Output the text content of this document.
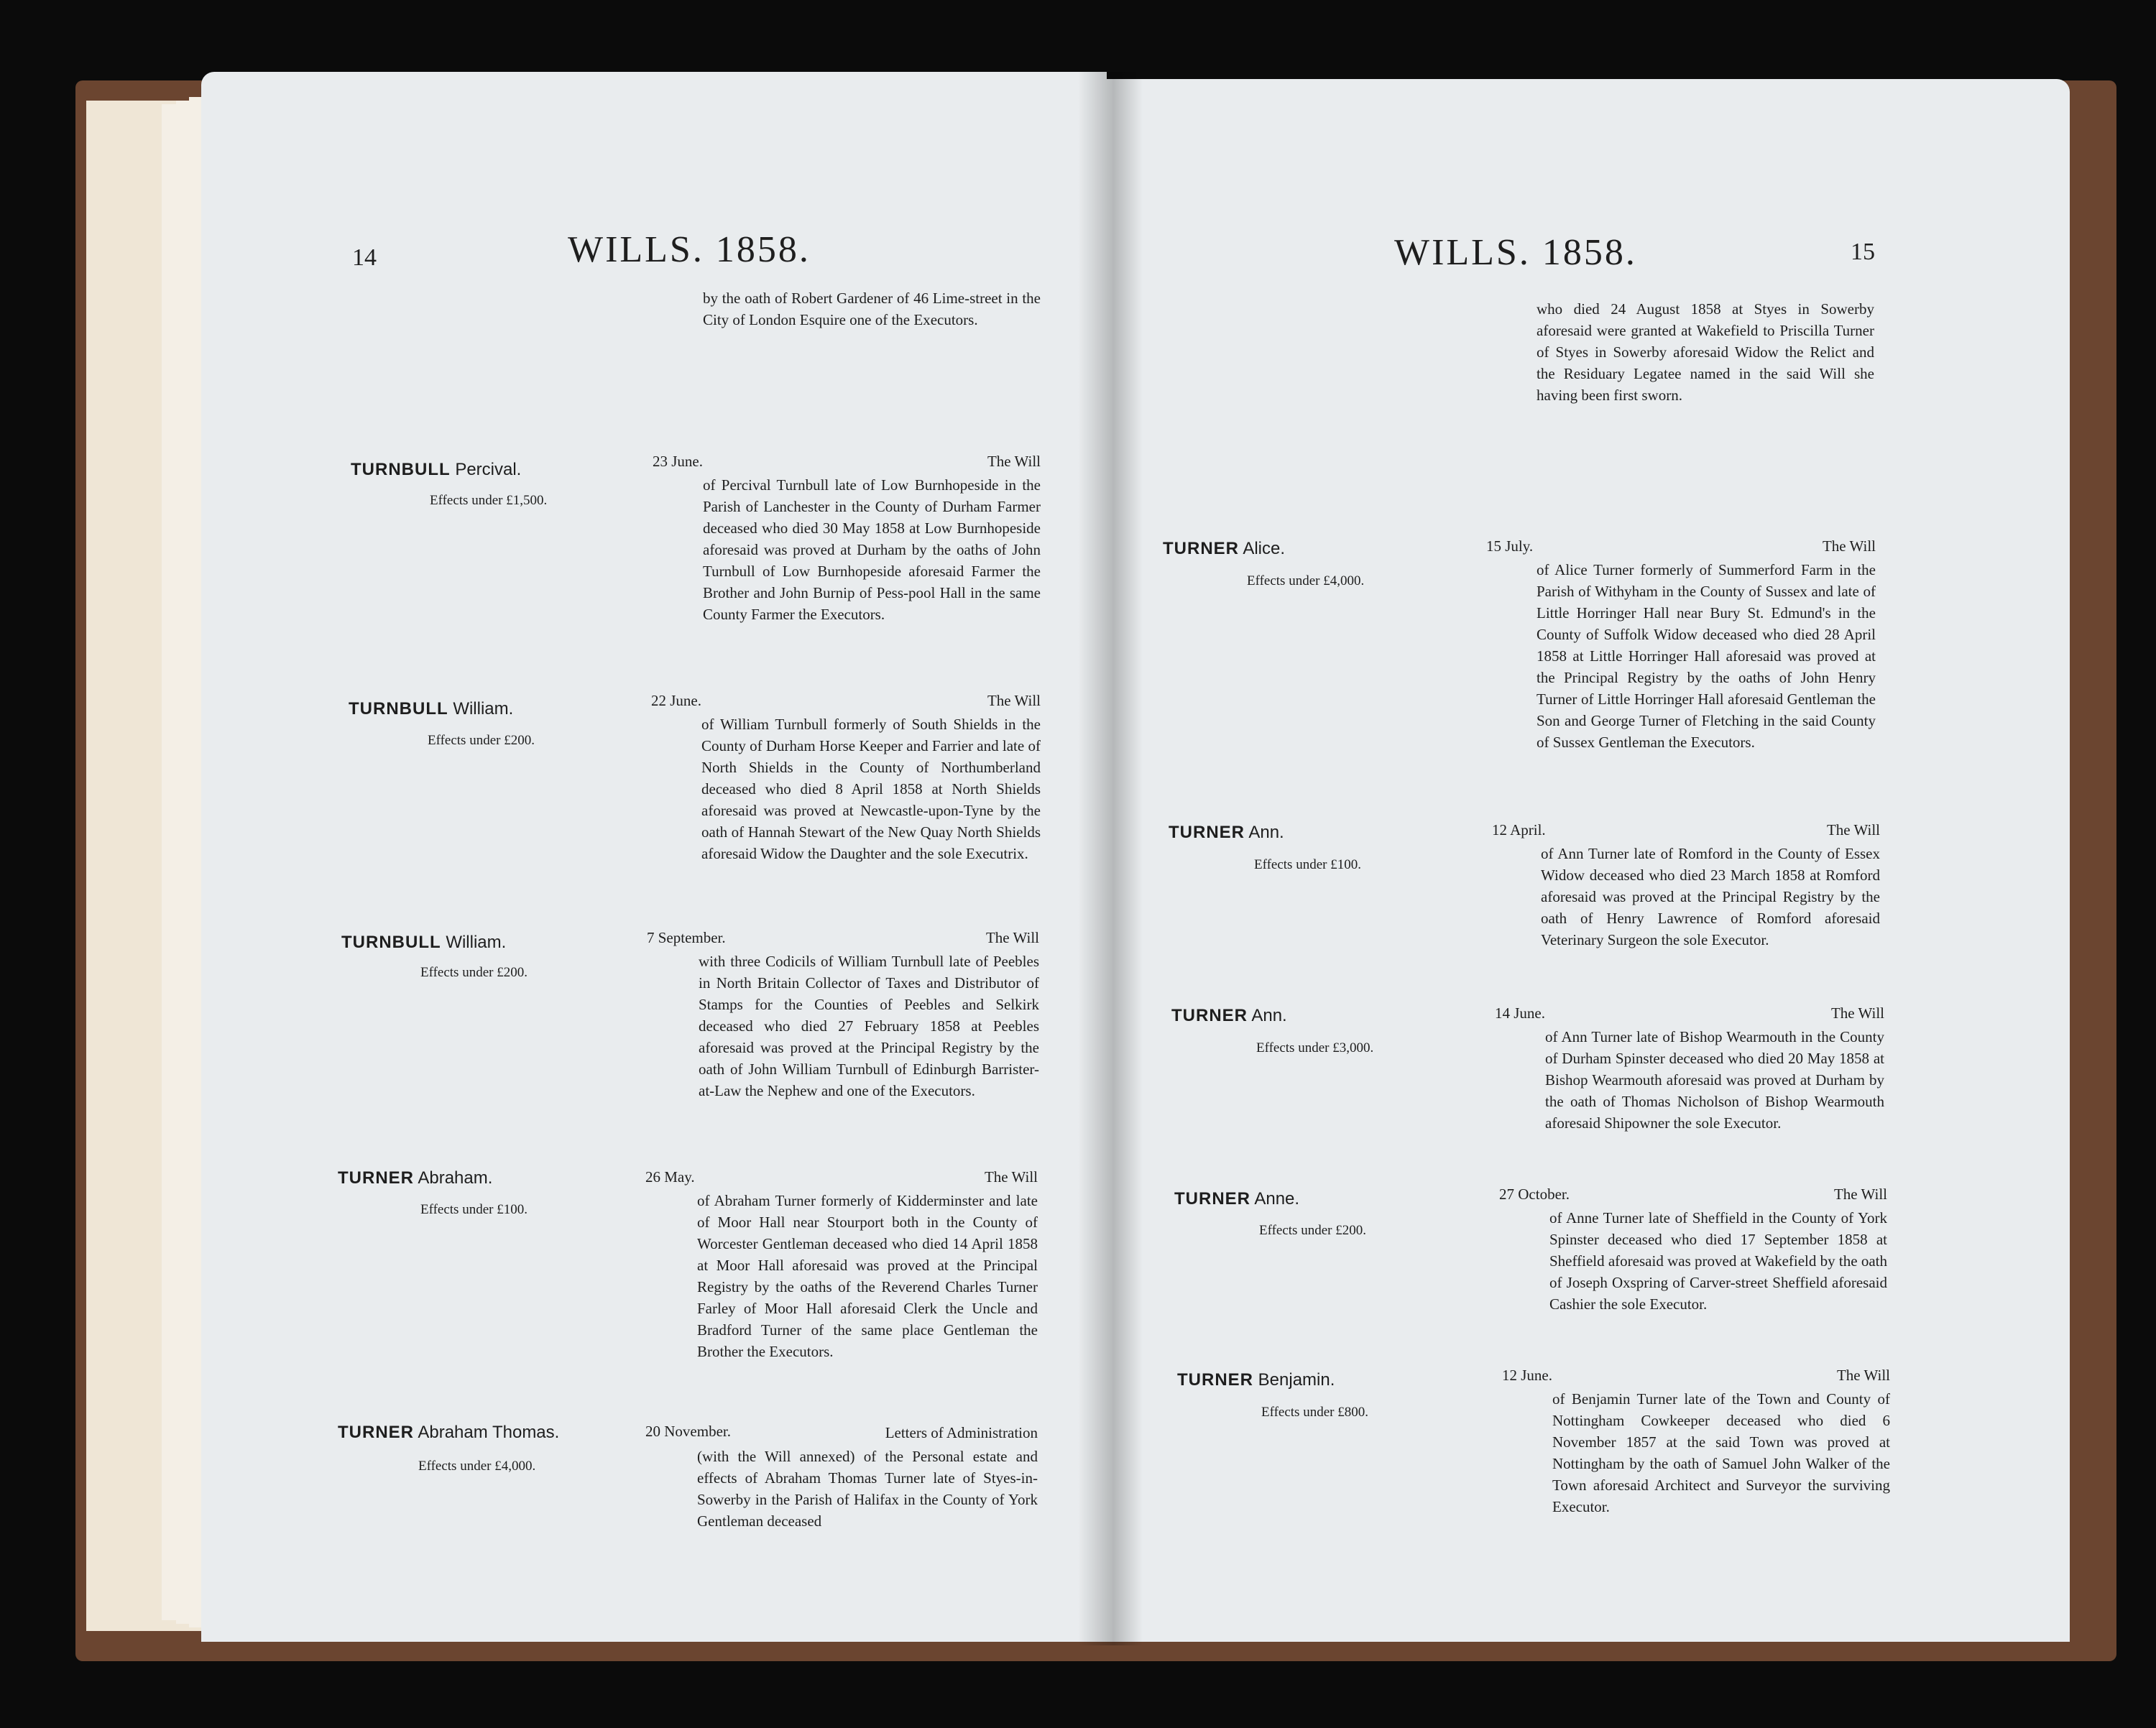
14	WILLS. 1858.
by the oath of Robert Gardener of 46 Lime-street in the City of London Esquire one of the Executors.
TURNBULL Percival.
Effects under £1,500.
23 June.	The Will
of Percival Turnbull late of Low Burnhopeside in the Parish of Lanchester in the County of Durham Farmer deceased who died 30 May 1858 at Low Burnhopeside aforesaid was proved at Durham by the oaths of John Turnbull of Low Burnhopeside aforesaid Farmer the Brother and John Burnip of Pess-pool Hall in the same County Farmer the Executors.
TURNBULL William.
Effects under £200.
22 June.	The Will
of William Turnbull formerly of South Shields in the County of Durham Horse Keeper and Farrier and late of North Shields in the County of Northumberland deceased who died 8 April 1858 at North Shields aforesaid was proved at Newcastle-upon-Tyne by the oath of Hannah Stewart of the New Quay North Shields aforesaid Widow the Daughter and the sole Executrix.
TURNBULL William.
Effects under £200.
7 September.	The Will
with three Codicils of William Turnbull late of Peebles in North Britain Collector of Taxes and Distributor of Stamps for the Counties of Peebles and Selkirk deceased who died 27 February 1858 at Peebles aforesaid was proved at the Principal Registry by the oath of John William Turnbull of Edinburgh Barrister-at-Law the Nephew and one of the Executors.
TURNER Abraham.
Effects under £100.
26 May.	The Will
of Abraham Turner formerly of Kidderminster and late of Moor Hall near Stourport both in the County of Worcester Gentleman deceased who died 14 April 1858 at Moor Hall aforesaid was proved at the Principal Registry by the oaths of the Reverend Charles Turner Farley of Moor Hall aforesaid Clerk the Uncle and Bradford Turner of the same place Gentleman the Brother the Executors.
TURNER Abraham Thomas.
Effects under £4,000.
20 November.	Letters of Administration
(with the Will annexed) of the Personal estate and effects of Abraham Thomas Turner late of Styes-in-Sowerby in the Parish of Halifax in the County of York Gentleman deceased
WILLS. 1858.	15
who died 24 August 1858 at Styes in Sowerby aforesaid were granted at Wakefield to Priscilla Turner of Styes in Sowerby aforesaid Widow the Relict and the Residuary Legatee named in the said Will she having been first sworn.
TURNER Alice.
Effects under £4,000.
15 July.	The Will
of Alice Turner formerly of Summerford Farm in the Parish of Withyham in the County of Sussex and late of Little Horringer Hall near Bury St. Edmund's in the County of Suffolk Widow deceased who died 28 April 1858 at Little Horringer Hall aforesaid was proved at the Principal Registry by the oaths of John Henry Turner of Little Horringer Hall aforesaid Gentleman the Son and George Turner of Fletching in the said County of Sussex Gentleman the Executors.
TURNER Ann.
Effects under £100.
12 April.	The Will
of Ann Turner late of Romford in the County of Essex Widow deceased who died 23 March 1858 at Romford aforesaid was proved at the Principal Registry by the oath of Henry Lawrence of Romford aforesaid Veterinary Surgeon the sole Executor.
TURNER Ann.
Effects under £3,000.
14 June.	The Will
of Ann Turner late of Bishop Wearmouth in the County of Durham Spinster deceased who died 20 May 1858 at Bishop Wearmouth aforesaid was proved at Durham by the oath of Thomas Nicholson of Bishop Wearmouth aforesaid Shipowner the sole Executor.
TURNER Anne.
Effects under £200.
27 October.	The Will
of Anne Turner late of Sheffield in the County of York Spinster deceased who died 17 September 1858 at Sheffield aforesaid was proved at Wakefield by the oath of Joseph Oxspring of Carver-street Sheffield aforesaid Cashier the sole Executor.
TURNER Benjamin.
Effects under £800.
12 June.	The Will
of Benjamin Turner late of the Town and County of Nottingham Cowkeeper deceased who died 6 November 1857 at the said Town was proved at Nottingham by the oath of Samuel John Walker of the Town aforesaid Architect and Surveyor the surviving Executor.
